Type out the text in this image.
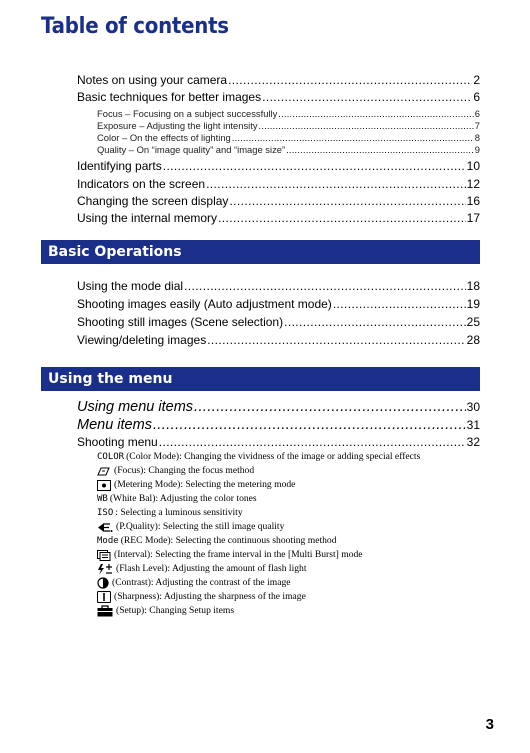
Table of contents
Notes on using your camera .....	2
Basic techniques for better images .....	6
Focus – Focusing on a subject successfully .....	6
Exposure – Adjusting the light intensity .....	7
Color – On the effects of lighting .....	8
Quality – On “image quality” and “image size” .....	9
Identifying parts .....	10
Indicators on the screen .....	12
Changing the screen display .....	16
Using the internal memory .....	17
Basic Operations
Using the mode dial .....	18
Shooting images easily (Auto adjustment mode) .....	19
Shooting still images (Scene selection) .....	25
Viewing/deleting images .....	28
Using the menu
Using menu items .....	30
Menu items .....	31
Shooting menu .....	32
COLOR (Color Mode): Changing the vividness of the image or adding special effects
(Focus): Changing the focus method
(Metering Mode): Selecting the metering mode
WB (White Bal): Adjusting the color tones
ISO : Selecting a luminous sensitivity
(P.Quality): Selecting the still image quality
Mode (REC Mode): Selecting the continuous shooting method
(Interval): Selecting the frame interval in the [Multi Burst] mode
(Flash Level): Adjusting the amount of flash light
(Contrast): Adjusting the contrast of the image
(Sharpness): Adjusting the sharpness of the image
(Setup): Changing Setup items
3
